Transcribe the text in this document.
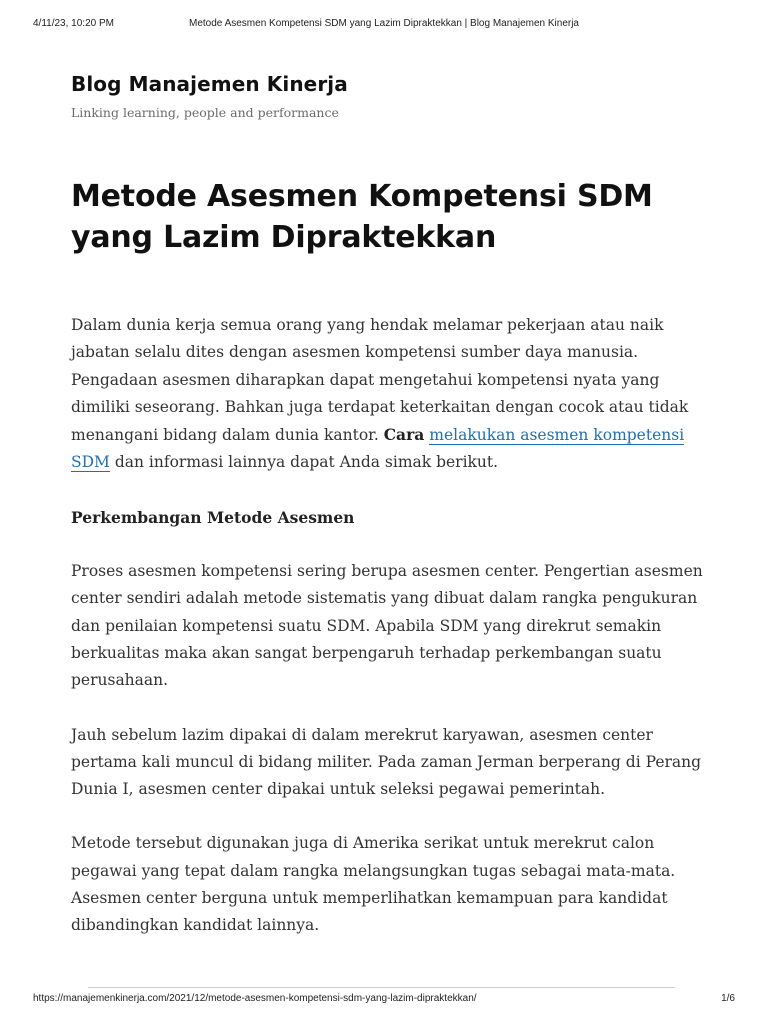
4/11/23, 10:20 PM	Metode Asesmen Kompetensi SDM yang Lazim Dipraktekkan | Blog Manajemen Kinerja
Blog Manajemen Kinerja
Linking learning, people and performance
Metode Asesmen Kompetensi SDM yang Lazim Dipraktekkan

Dalam dunia kerja semua orang yang hendak melamar pekerjaan atau naik jabatan selalu dites dengan asesmen kompetensi sumber daya manusia. Pengadaan asesmen diharapkan dapat mengetahui kompetensi nyata yang dimiliki seseorang. Bahkan juga terdapat keterkaitan dengan cocok atau tidak menangani bidang dalam dunia kantor. Cara melakukan asesmen kompetensi SDM dan informasi lainnya dapat Anda simak berikut.

Perkembangan Metode Asesmen

Proses asesmen kompetensi sering berupa asesmen center. Pengertian asesmen center sendiri adalah metode sistematis yang dibuat dalam rangka pengukuran dan penilaian kompetensi suatu SDM. Apabila SDM yang direkrut semakin berkualitas maka akan sangat berpengaruh terhadap perkembangan suatu perusahaan.

Jauh sebelum lazim dipakai di dalam merekrut karyawan, asesmen center pertama kali muncul di bidang militer. Pada zaman Jerman berperang di Perang Dunia I, asesmen center dipakai untuk seleksi pegawai pemerintah.

Metode tersebut digunakan juga di Amerika serikat untuk merekrut calon pegawai yang tepat dalam rangka melangsungkan tugas sebagai mata-mata. Asesmen center berguna untuk memperlihatkan kemampuan para kandidat dibandingkan kandidat lainnya.

https://manajemenkinerja.com/2021/12/metode-asesmen-kompetensi-sdm-yang-lazim-dipraktekkan/	1/6
